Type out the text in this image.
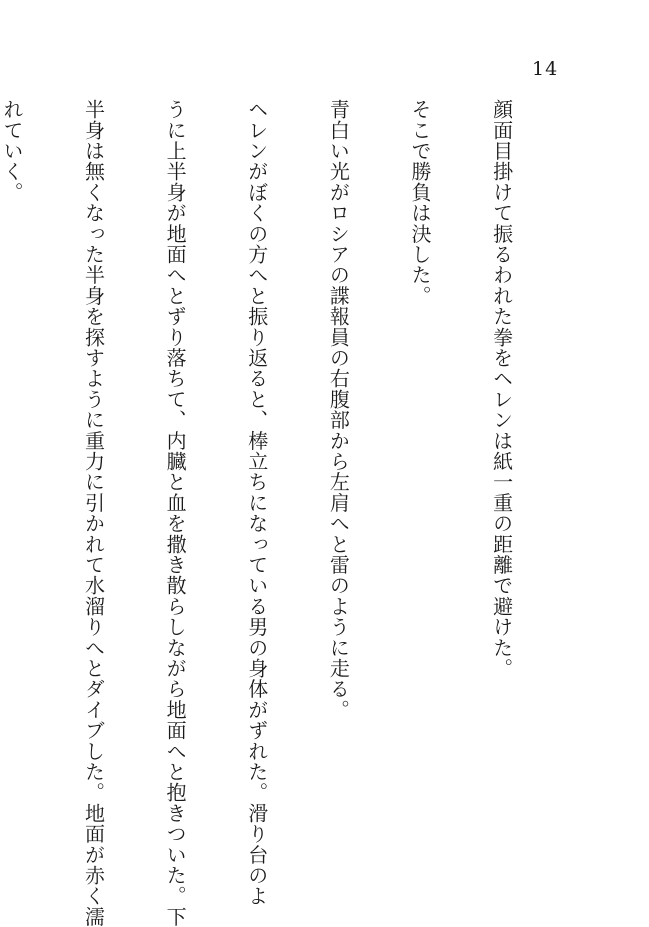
14

顔面目掛けて振るわれた拳をヘレンは紙一重の距離で避けた。

そこで勝負は決した。

青白い光がロシアの諜報員の右腹部から左肩へと雷のように走る。

ヘレンがぼくの方へと振り返ると、棒立ちになっている男の身体がずれた。滑り台のよ

うに上半身が地面へとずり落ちて、内臓と血を撒き散らしながら地面へと抱きついた。下

半身は無くなった半身を探すように重力に引かれて水溜りへとダイブした。地面が赤く濡

れていく。
